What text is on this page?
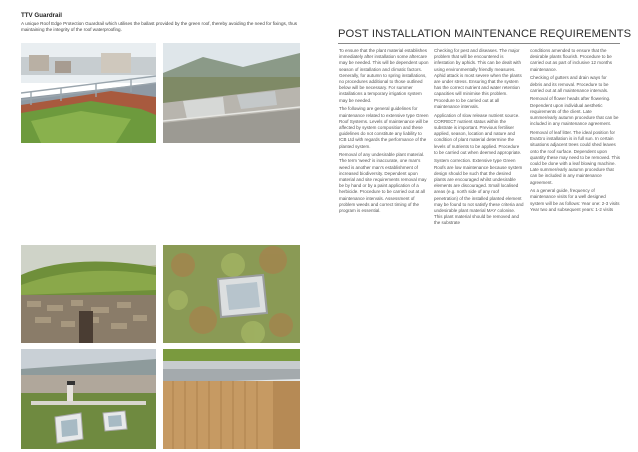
TTV Guardrail
A unique Roof Edge Protection Guardrail which utilises the ballast provided by the green roof, thereby avoiding the need for fixings, thus maintaining the integrity of the roof waterproofing.	POST INSTALLATION MAINTENANCE REQUIREMENTS

To ensure that the plant material establishes immediately after installation some aftercare may be needed. This will be dependent upon season of installation and climatic factors. Generally, for autumn to spring installations, no procedures additional to those outlined below will be necessary. For summer installations a temporary irrigation system may be needed.

The following are general guidelines for maintenance related to extensive type Green Roof Systems. Levels of maintenance will be affected by system composition and these guidelines do not constitute any liability to ICB Ltd with regards the performance of the planted system.

Removal of any undesirable plant material. The term 'weed' is inaccurate, one man's weed is another man's establishment of increased biodiversity. Dependent upon material and site requirements removal may be by hand or by a paint application of a herbicide. Procedure to be carried out at all maintenance intervals. Assessment of problem weeds and correct timing of the program is essential.

Checking for pest and diseases. The major problem that will be encountered is infestation by aphids. This can be dealt with using environmentally friendly measures. Aphid attack is most severe when the plants are under stress. Ensuring that the system has the correct nutrient and water retention capacities will minimise this problem. Procedure to be carried out at all maintenance intervals.

Application of slow release nutrient source. CORRECT nutrient status within the substrate is important. Previous fertiliser applied, season, location and nature and condition of plant material determine the levels of nutrients to be applied. Procedure to be carried out when deemed appropriate.

System correction. Extensive type Green Roofs are low maintenance because system design should be such that the desired plants are encouraged whilst undesirable elements are discouraged. Small localised areas (e.g. north side of any roof penetration) of the installed planted element may be found to not satisfy these criteria and undesirable plant material MAY colonise. This plant material should be removed and the substrate

conditions amended to ensure that the desirable plants flourish. Procedure to be carried out as part of inclusive 12 months maintenance.

Checking of gutters and drain ways for debris and its removal. Procedure to be carried out at all maintenance intervals.

Removal of flower heads after flowering. Dependent upon individual aesthetic requirements of the client. Late summer/early autumn procedure that can be included in any maintenance agreement.

Removal of leaf litter. The ideal position for EvaGro installation is in full sun. In certain situations adjacent trees could shed leaves onto the roof surface. Dependent upon quantity these may need to be removed. This could be done with a leaf blowing machine. Late summer/early autumn procedure that can be included in any maintenance agreement.

As a general guide, frequency of maintenance visits for a well designed system will be as follows: Year one: 2-3 visits Year two and subsequent years: 1-2 visits
